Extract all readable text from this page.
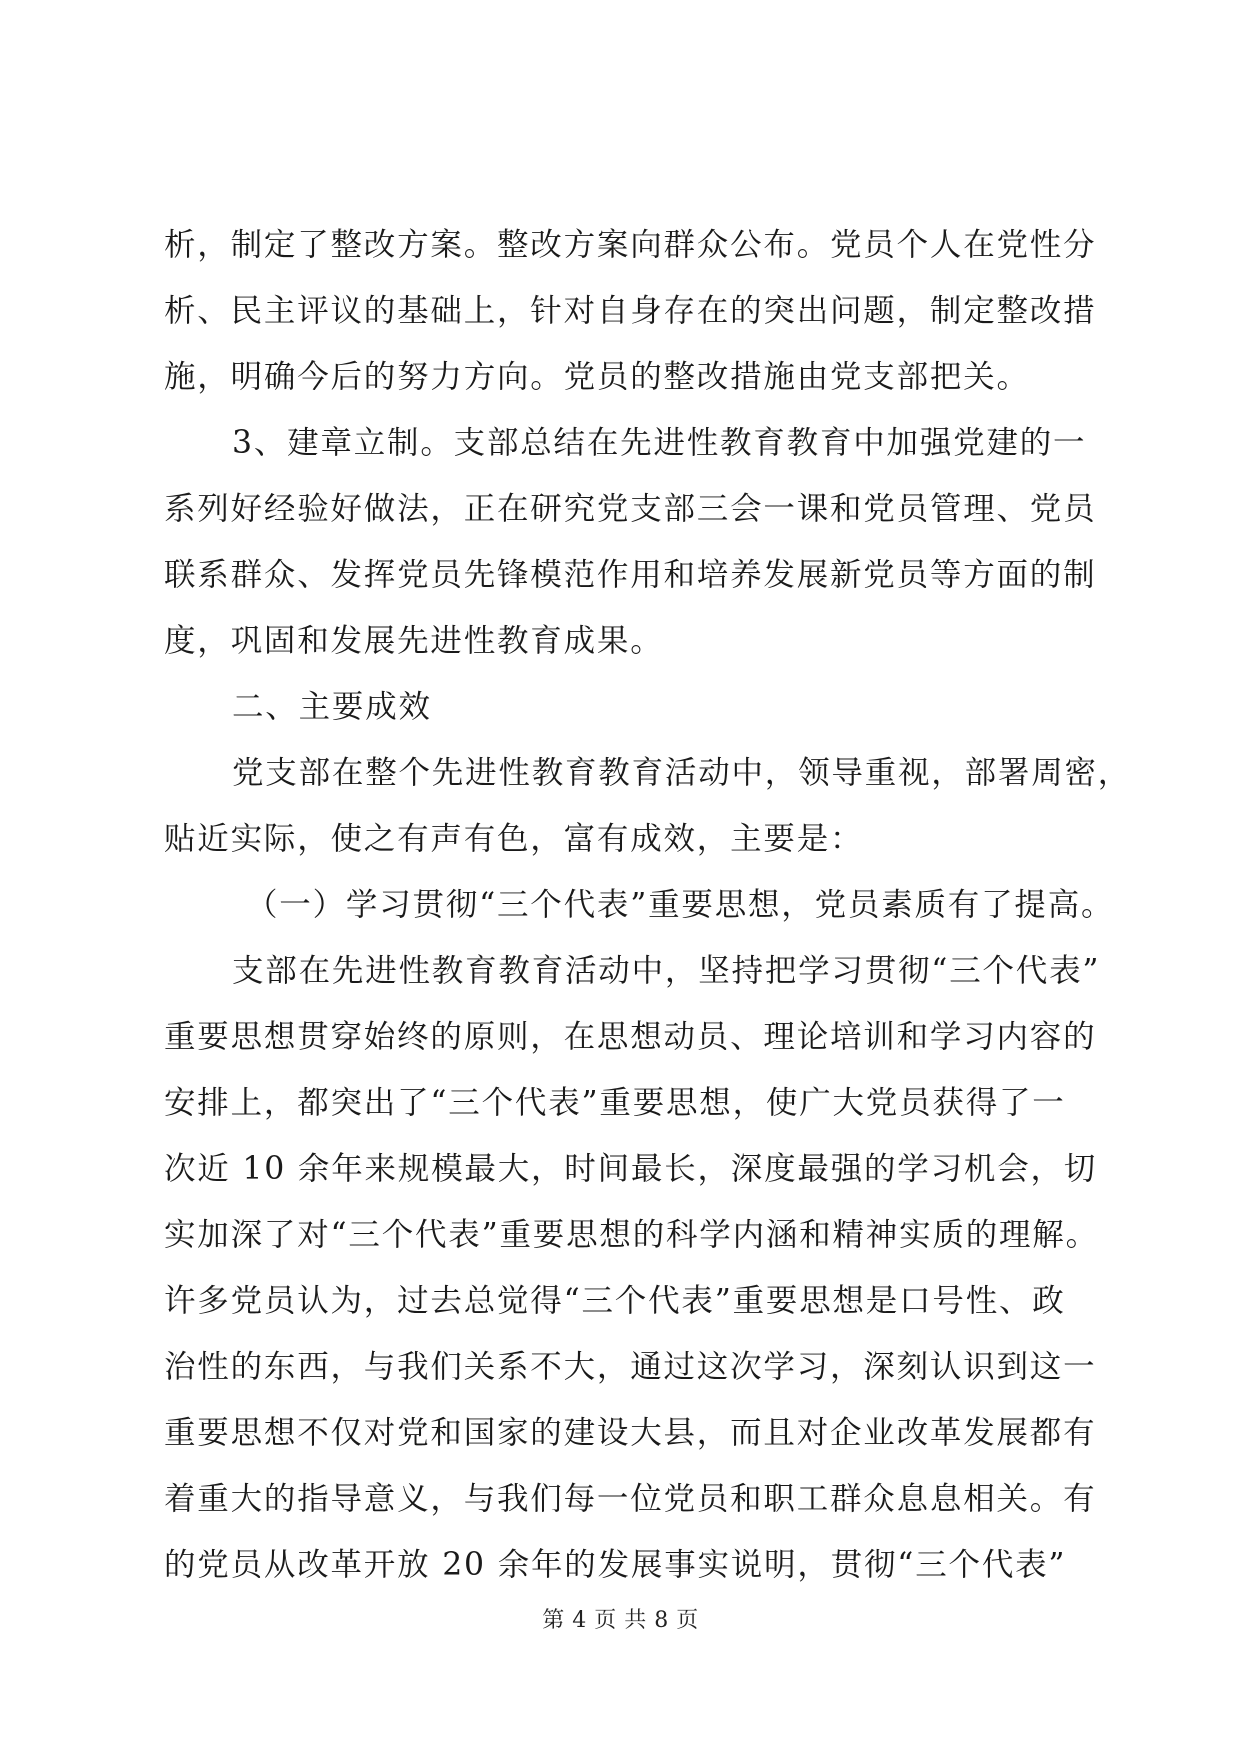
析，制定了整改方案。整改方案向群众公布。党员个人在党性分
析、民主评议的基础上，针对自身存在的突出问题，制定整改措
施，明确今后的努力方向。党员的整改措施由党支部把关。
3、建章立制。支部总结在先进性教育教育中加强党建的一
系列好经验好做法，正在研究党支部三会一课和党员管理、党员
联系群众、发挥党员先锋模范作用和培养发展新党员等方面的制
度，巩固和发展先进性教育成果。
二、主要成效
党支部在整个先进性教育教育活动中，领导重视，部署周密，
贴近实际，使之有声有色，富有成效，主要是：
（一）学习贯彻“三个代表”重要思想，党员素质有了提高。
支部在先进性教育教育活动中，坚持把学习贯彻“三个代表”
重要思想贯穿始终的原则，在思想动员、理论培训和学习内容的
安排上，都突出了“三个代表”重要思想，使广大党员获得了一
次近 10 余年来规模最大，时间最长，深度最强的学习机会，切
实加深了对“三个代表”重要思想的科学内涵和精神实质的理解。
许多党员认为，过去总觉得“三个代表”重要思想是口号性、政
治性的东西，与我们关系不大，通过这次学习，深刻认识到这一
重要思想不仅对党和国家的建设大县，而且对企业改革发展都有
着重大的指导意义，与我们每一位党员和职工群众息息相关。有
的党员从改革开放 20 余年的发展事实说明，贯彻“三个代表”
第 4 页 共 8 页
